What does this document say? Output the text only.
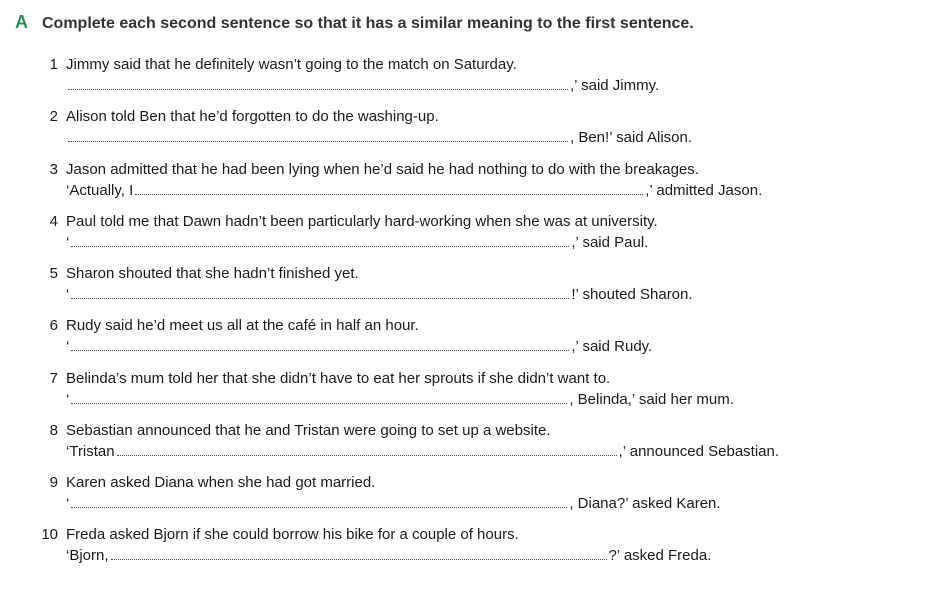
A Complete each second sentence so that it has a similar meaning to the first sentence.
1 Jimmy said that he definitely wasn’t going to the match on Saturday.
,’ said Jimmy.
2 Alison told Ben that he’d forgotten to do the washing-up.
, Ben!’ said Alison.
3 Jason admitted that he had been lying when he’d said he had nothing to do with the breakages.
‘Actually, I	,’ admitted Jason.
4 Paul told me that Dawn hadn’t been particularly hard-working when she was at university.
‘	,’ said Paul.
5 Sharon shouted that she hadn’t finished yet.
‘	!’ shouted Sharon.
6 Rudy said he’d meet us all at the café in half an hour.
‘	,’ said Rudy.
7 Belinda’s mum told her that she didn’t have to eat her sprouts if she didn’t want to.
‘	, Belinda,’ said her mum.
8 Sebastian announced that he and Tristan were going to set up a website.
‘Tristan	,’ announced Sebastian.
9 Karen asked Diana when she had got married.
‘	, Diana?’ asked Karen.
10 Freda asked Bjorn if she could borrow his bike for a couple of hours.
‘Bjorn,	?’ asked Freda.
